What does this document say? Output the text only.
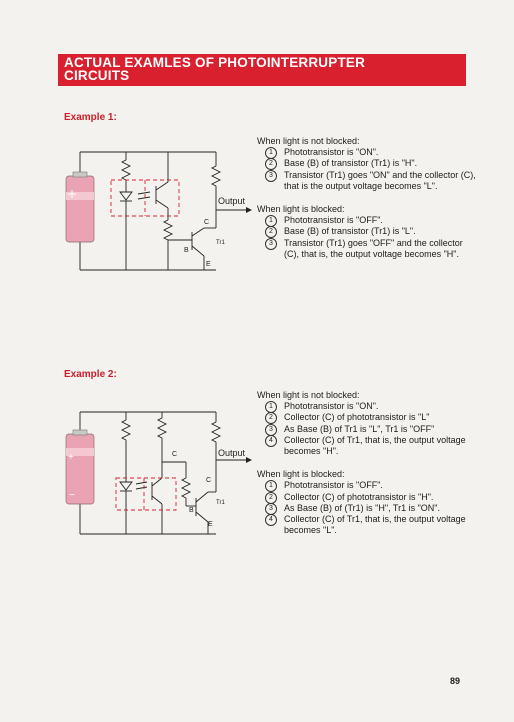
ACTUAL EXAMLES OF PHOTOINTERRUPTER
CIRCUITS
Example 1:
Output
C
B
E
Tr1

When light is not blocked:

1	Phototransistor is "ON".
2	Base (B) of transistor (Tr1) is "H".
3	Transistor (Tr1) goes "ON" and the collector (C), that is the output voltage becomes "L".

When light is blocked:

1	Phototransistor is "OFF".
2	Base (B) of transistor (Tr1) is "L".
3	Transistor (Tr1) goes "OFF" and the collector (C), that is, the output voltage becomes "H".
Example 2:
+
−
Output
C
C
B
E
Tr1

When light is not blocked:

1	Phototransistor is "ON".
2	Collector (C) of phototransistor is "L"
3	As Base (B) of Tr1 is "L", Tr1 is "OFF"
4	Collector (C) of Tr1, that is, the output voltage becomes "H".

When light is blocked:

1	Phototransistor is "OFF".
2	Collector (C) of phototransistor is "H".
3	As Base (B) of (Tr1) is "H", Tr1 is "ON".
4	Collector (C) of Tr1, that is, the output voltage becomes "L".
89
